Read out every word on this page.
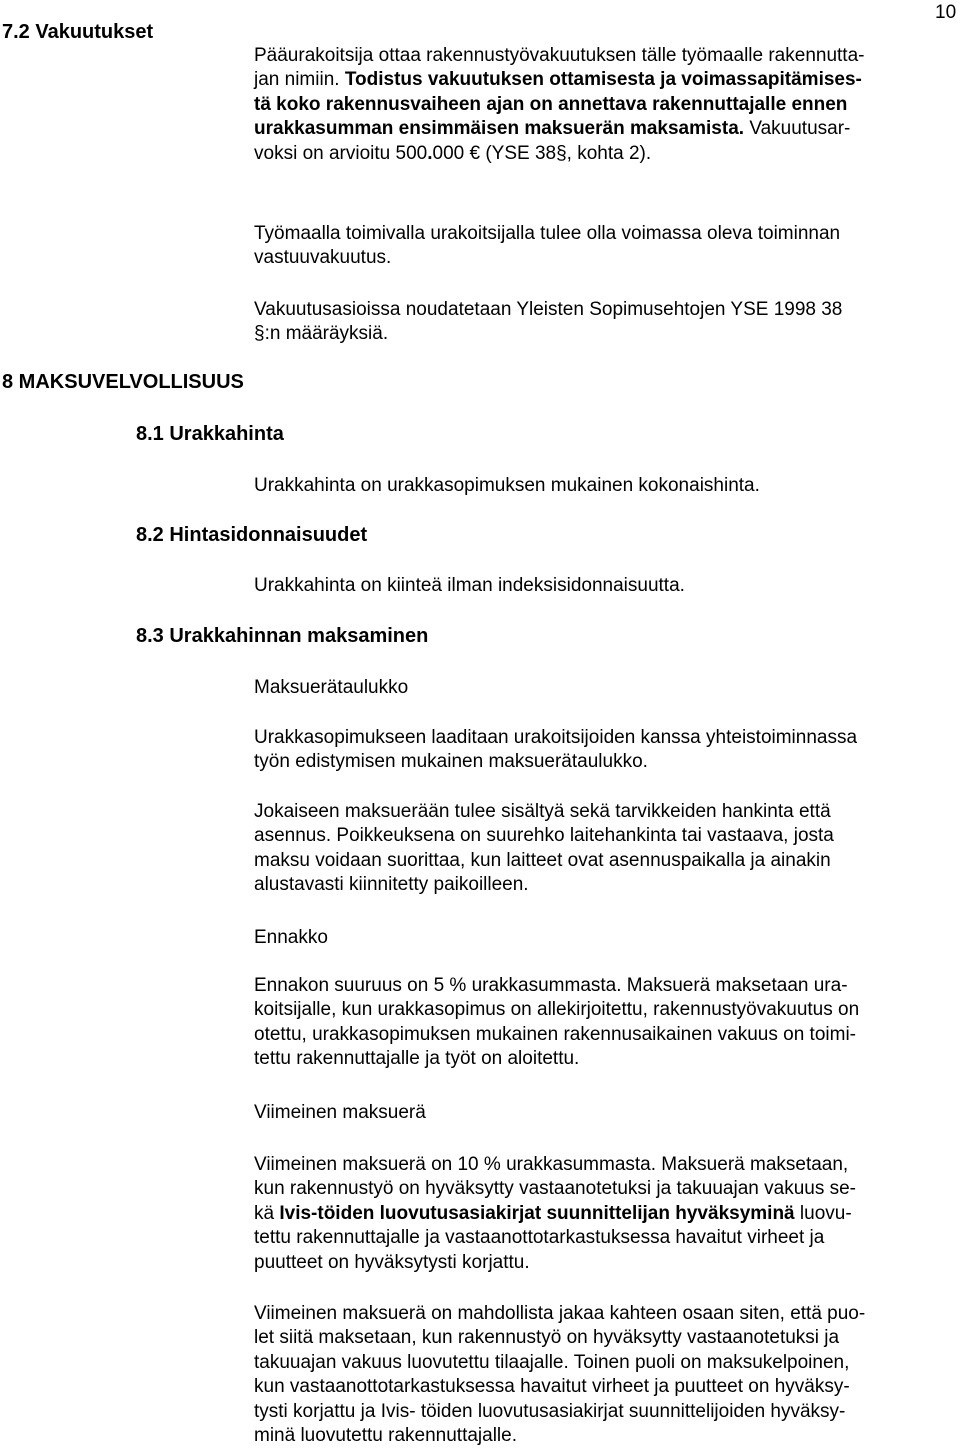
10
7.2 Vakuutukset
8 MAKSUVELVOLLISUUS
8.1 Urakkahinta
8.2 Hintasidonnaisuudet
8.3 Urakkahinnan maksaminen
Pääurakoitsija ottaa rakennustyövakuutuksen tälle työmaalle rakennutta-
jan nimiin. Todistus vakuutuksen ottamisesta ja voimassapitämises-
tä koko rakennusvaiheen ajan on annettava rakennuttajalle ennen
urakkasumman ensimmäisen maksuerän maksamista. Vakuutusar-
voksi on arvioitu 500.000 € (YSE 38§, kohta 2).
Työmaalla toimivalla urakoitsijalla tulee olla voimassa oleva toiminnan
vastuuvakuutus.
Vakuutusasioissa noudatetaan Yleisten Sopimusehtojen YSE 1998 38
§:n määräyksiä.
Urakkahinta on urakkasopimuksen mukainen kokonaishinta.
Urakkahinta on kiinteä ilman indeksisidonnaisuutta.
Maksuerätaulukko
Urakkasopimukseen laaditaan urakoitsijoiden kanssa yhteistoiminnassa
työn edistymisen mukainen maksuerätaulukko.
Jokaiseen maksuerään tulee sisältyä sekä tarvikkeiden hankinta että
asennus. Poikkeuksena on suurehko laitehankinta tai vastaava, josta
maksu voidaan suorittaa, kun laitteet ovat asennuspaikalla ja ainakin
alustavasti kiinnitetty paikoilleen.
Ennakko
Ennakon suuruus on 5 % urakkasummasta. Maksuerä maksetaan ura-
koitsijalle, kun urakkasopimus on allekirjoitettu, rakennustyövakuutus on
otettu, urakkasopimuksen mukainen rakennusaikainen vakuus on toimi-
tettu rakennuttajalle ja työt on aloitettu.
Viimeinen maksuerä
Viimeinen maksuerä on 10 % urakkasummasta. Maksuerä maksetaan,
kun rakennustyö on hyväksytty vastaanotetuksi ja takuuajan vakuus se-
kä Ivis-töiden luovutusasiakirjat suunnittelijan hyväksyminä luovu-
tettu rakennuttajalle ja vastaanottotarkastuksessa havaitut virheet ja
puutteet on hyväksytysti korjattu.
Viimeinen maksuerä on mahdollista jakaa kahteen osaan siten, että puo-
let siitä maksetaan, kun rakennustyö on hyväksytty vastaanotetuksi ja
takuuajan vakuus luovutettu tilaajalle. Toinen puoli on maksukelpoinen,
kun vastaanottotarkastuksessa havaitut virheet ja puutteet on hyväksy-
tysti korjattu ja Ivis- töiden luovutusasiakirjat suunnittelijoiden hyväksy-
minä luovutettu rakennuttajalle.
